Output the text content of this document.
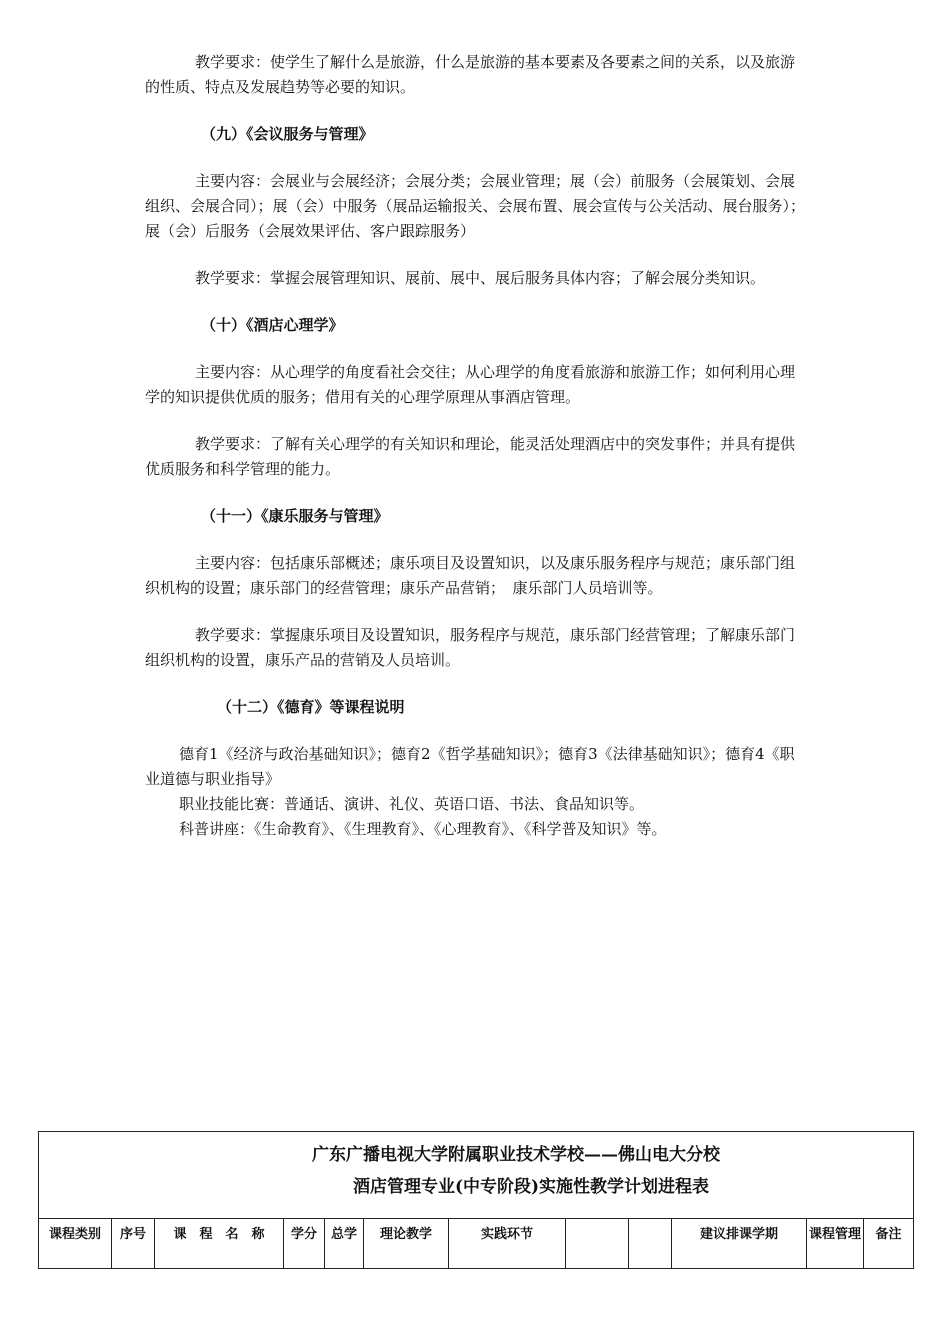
教学要求：使学生了解什么是旅游，什么是旅游的基本要素及各要素之间的关系，以及旅游的性质、特点及发展趋势等必要的知识。

（九）《会议服务与管理》

主要内容：会展业与会展经济；会展分类；会展业管理；展（会）前服务（会展策划、会展组织、会展合同）；展（会）中服务（展品运输报关、会展布置、展会宣传与公关活动、展台服务）；展（会）后服务（会展效果评估、客户跟踪服务）

教学要求：掌握会展管理知识、展前、展中、展后服务具体内容；了解会展分类知识。

（十）《酒店心理学》

主要内容：从心理学的角度看社会交往；从心理学的角度看旅游和旅游工作；如何利用心理学的知识提供优质的服务；借用有关的心理学原理从事酒店管理。

教学要求：了解有关心理学的有关知识和理论，能灵活处理酒店中的突发事件；并具有提供优质服务和科学管理的能力。

（十一）《康乐服务与管理》

主要内容：包括康乐部概述；康乐项目及设置知识，以及康乐服务程序与规范；康乐部门组织机构的设置；康乐部门的经营管理；康乐产品营销；　康乐部门人员培训等。

教学要求：掌握康乐项目及设置知识，服务程序与规范，康乐部门经营管理；了解康乐部门组织机构的设置，康乐产品的营销及人员培训。

（十二）《德育》等课程说明

德育1《经济与政治基础知识》；德育2《哲学基础知识》；德育3《法律基础知识》；德育4《职业道德与职业指导》

职业技能比赛：普通话、演讲、礼仪、英语口语、书法、食品知识等。

科普讲座：《生命教育》、《生理教育》、《心理教育》、《科学普及知识》等。

广东广播电视大学附属职业技术学校——佛山电大分校
酒店管理专业(中专阶段)实施性教学计划进程表
课程类别	序号	课　程　名　称	学分	总学	理论教学	实践环节			建议排课学期	课程管理	备注
